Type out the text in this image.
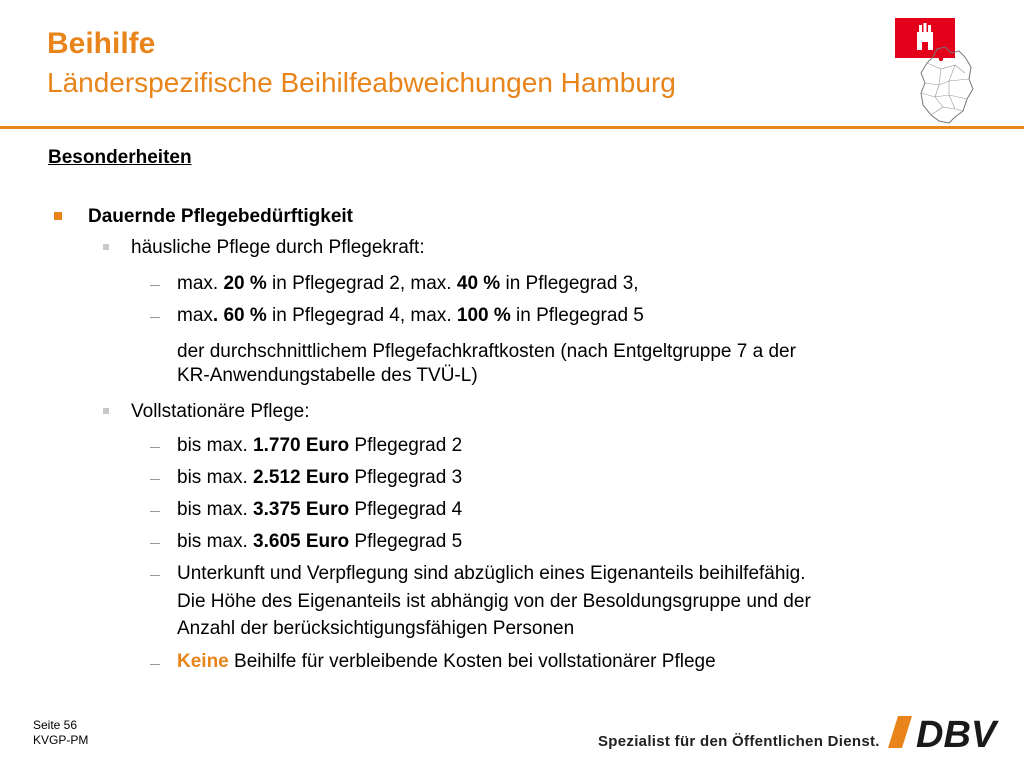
Beihilfe
Länderspezifische Beihilfeabweichungen Hamburg
Besonderheiten
Dauernde Pflegebedürftigkeit
häusliche Pflege durch Pflegekraft:
max. 20 % in Pflegegrad 2, max. 40 % in Pflegegrad 3,
max. 60 % in Pflegegrad 4, max. 100 % in Pflegegrad 5
der durchschnittlichem Pflegefachkraftkosten (nach Entgeltgruppe 7 a der
KR-Anwendungstabelle des TVÜ-L)
Vollstationäre Pflege:
bis max. 1.770 Euro Pflegegrad 2
bis max. 2.512 Euro Pflegegrad 3
bis max. 3.375 Euro Pflegegrad 4
bis max. 3.605 Euro Pflegegrad 5
Unterkunft und Verpflegung sind abzüglich eines Eigenanteils beihilfefähig.
Die Höhe des Eigenanteils ist abhängig von der Besoldungsgruppe und der
Anzahl der berücksichtigungsfähigen Personen
Keine Beihilfe für verbleibende Kosten bei vollstationärer Pflege
Seite 56
KVGP-PM	Spezialist für den Öffentlichen Dienst. DBV
